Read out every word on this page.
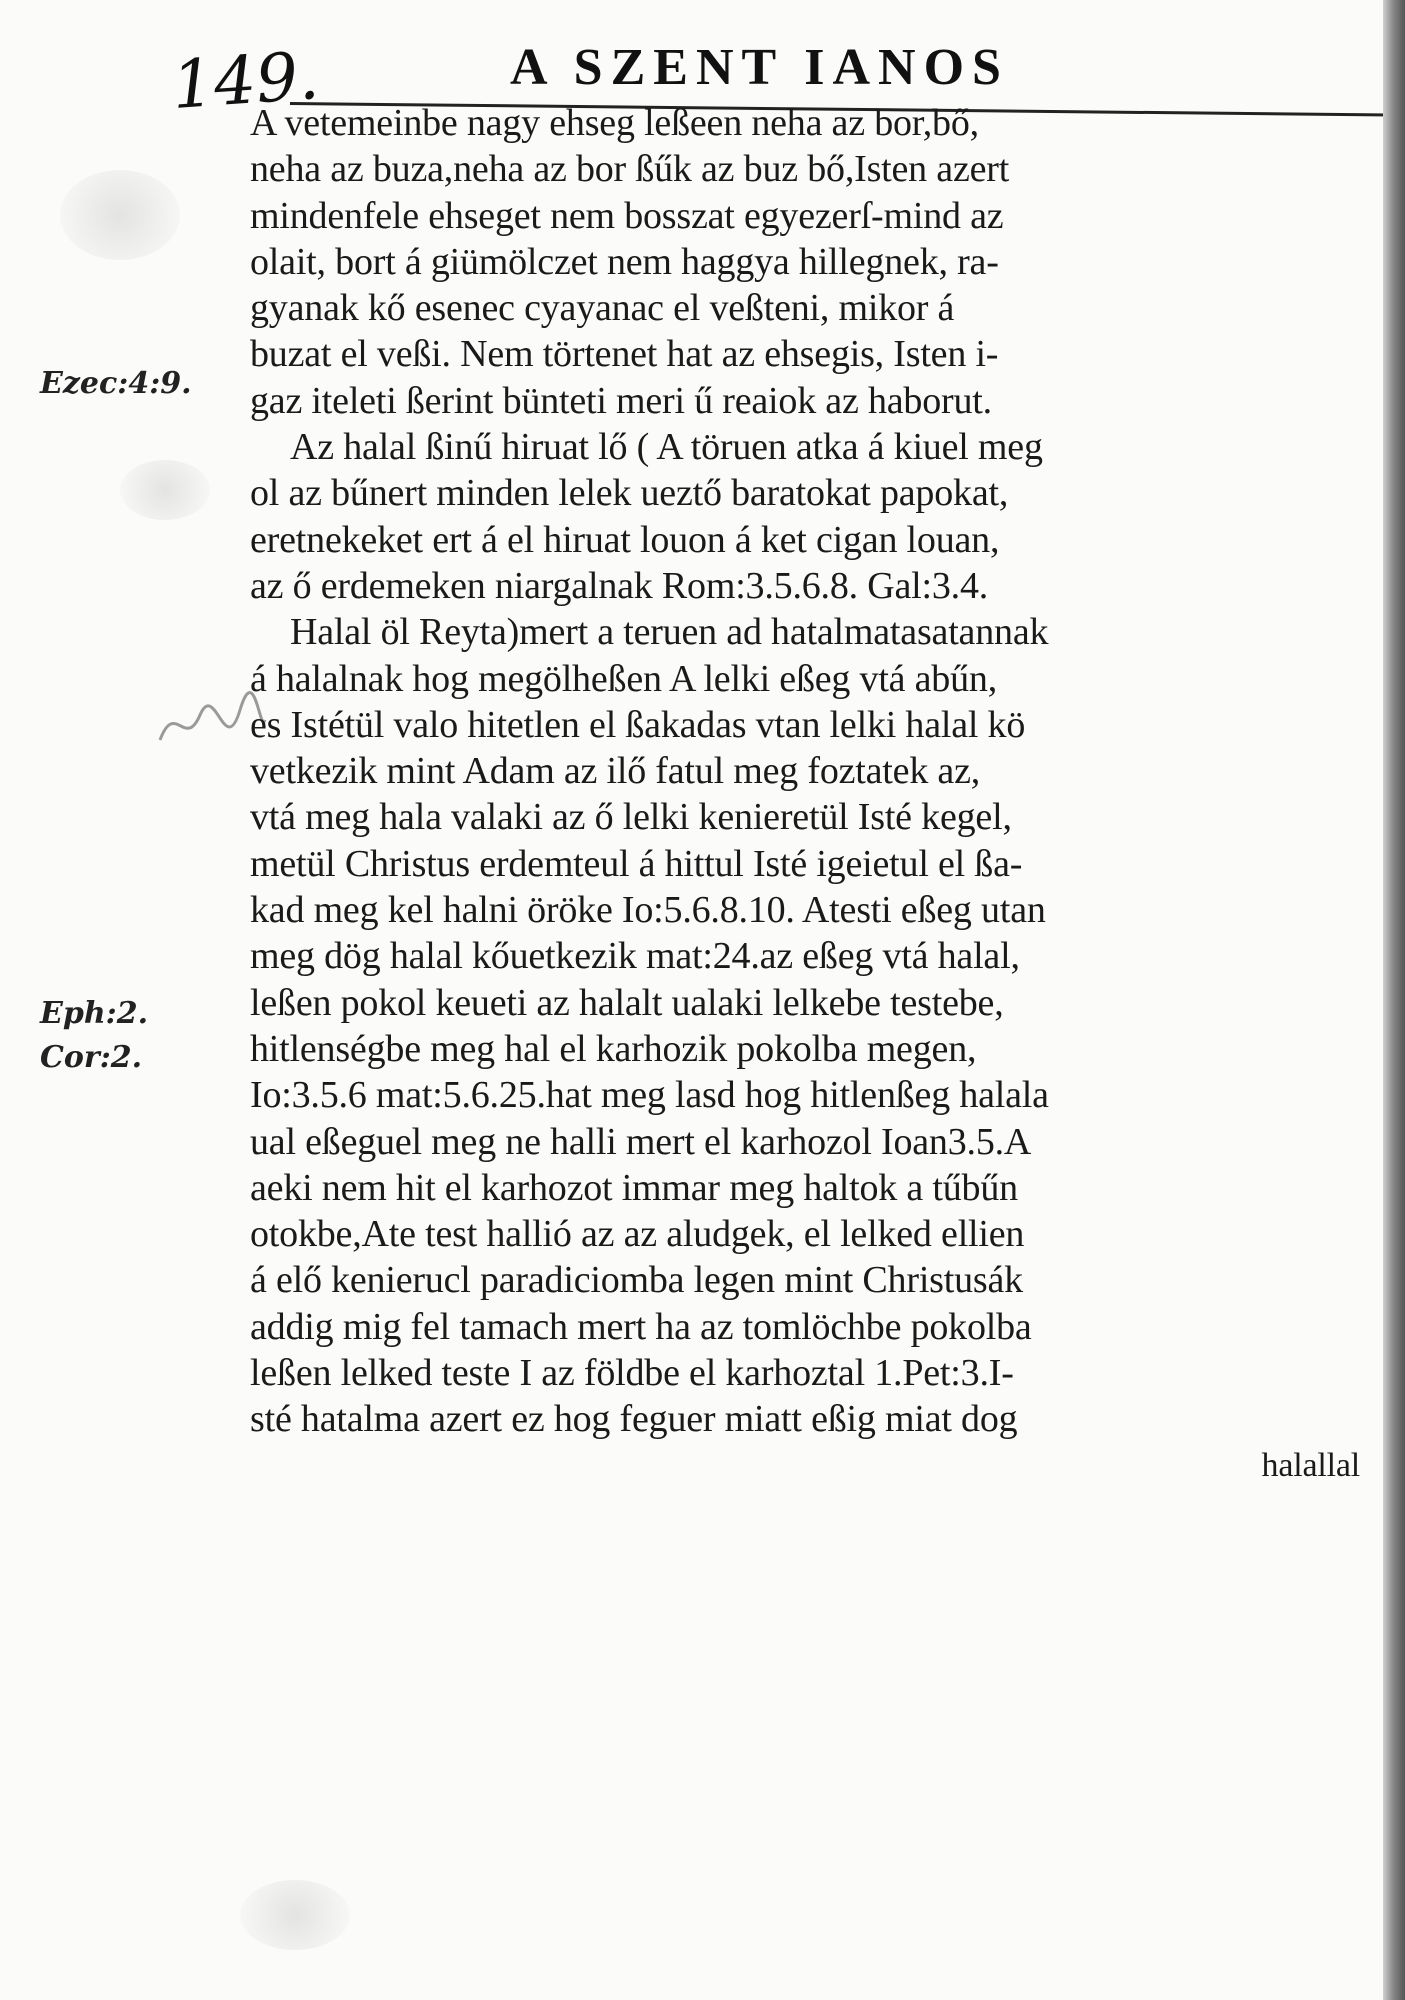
149.	A SZENT IANOS
Ezec:4:9.
Eph:2.
Cor:2.
A vetemeinbe nagy ehseg leßeen neha az bor,bő,
neha az buza,neha az bor ßűk az buz bő,Isten azert
mindenfele ehseget nem bosszat egyezerſ-mind az
olait, bort á giümölczet nem haggya hillegnek, ra-
gyanak kő esenec cyayanac el veßteni, mikor á
buzat el veßi. Nem törtenet hat az ehsegis, Isten i-
gaz iteleti ßerint bünteti meri ű reaiok az haborut.
Az halal ßinű hiruat lő ( A töruen atka á kiuel meg
ol az bűnert minden lelek ueztő baratokat papokat,
eretnekeket ert á el hiruat louon á ket cigan louan,
az ő erdemeken niargalnak Rom:3.5.6.8. Gal:3.4.
Halal öl Reyta)mert a teruen ad hatalmatasatannak
á halalnak hog megölheßen A lelki eßeg vtá abűn,
es Istétül valo hitetlen el ßakadas vtan lelki halal kö
vetkezik mint Adam az ilő fatul meg foztatek az,
vtá meg hala valaki az ő lelki kenieretül Isté kegel,
metül Christus erdemteul á hittul Isté igeietul el ßa-
kad meg kel halni öröke Io:5.6.8.10. Atesti eßeg utan
meg dög halal kőuetkezik mat:24.az eßeg vtá halal,
leßen pokol keueti az halalt ualaki lelkebe testebe,
hitlenségbe meg hal el karhozik pokolba megen,
Io:3.5.6 mat:5.6.25.hat meg lasd hog hitlenßeg halala
ual eßeguel meg ne halli mert el karhozol Ioan3.5.A
aeki nem hit el karhozot immar meg haltok a tűbűn
otokbe,Ate test hallió az az aludgek, el lelked ellien
á elő kenierucl paradiciomba legen mint Christusák
addig mig fel tamach mert ha az tomlöchbe pokolba
leßen lelked teste I az földbe el karhoztal 1.Pet:3.I-
sté hatalma azert ez hog feguer miatt eßig miat dog
halallal
